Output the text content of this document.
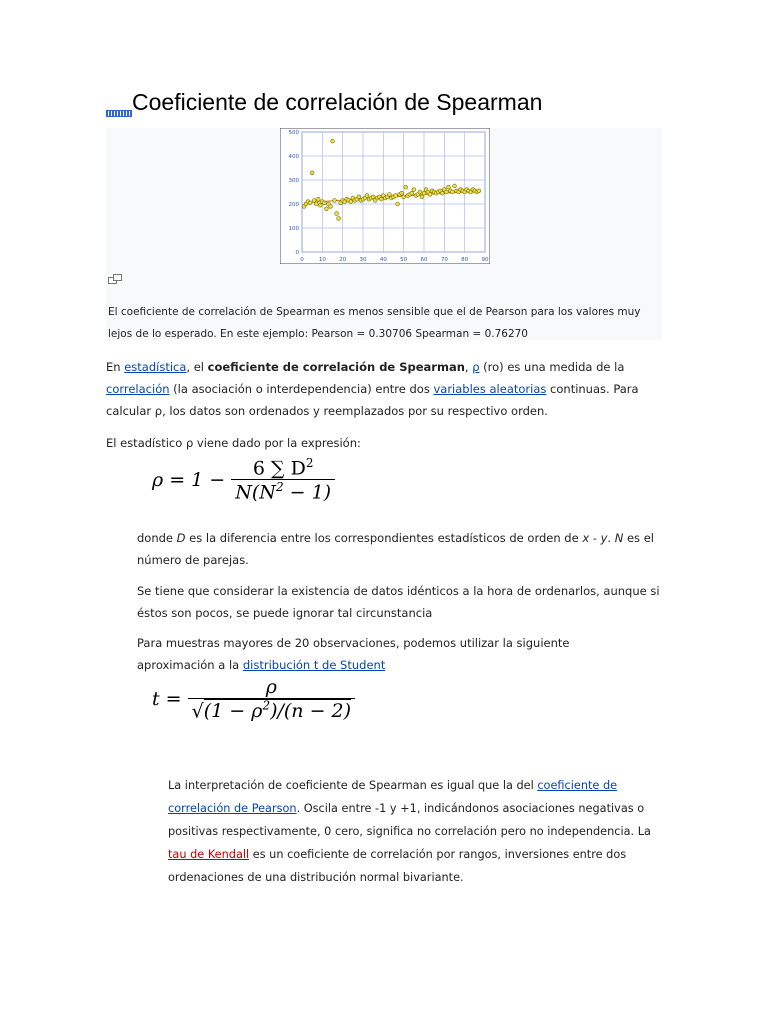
Coeficiente de correlación de Spearman
0	10 20 30 40 50 60 70 80 90
0
100
200
300
400
500
El coeficiente de correlación de Spearman es menos sensible que el de Pearson para los valores muy lejos de lo esperado. En este ejemplo: Pearson = 0.30706 Spearman = 0.76270
En estadística, el coeficiente de correlación de Spearman, ρ (ro) es una medida de la correlación (la asociación o interdependencia) entre dos variables aleatorias continuas. Para calcular ρ, los datos son ordenados y reemplazados por su respectivo orden.
El estadístico ρ viene dado por la expresión:
$\rho = 1 - \frac{6 \sum D^2}{N(N^2 - 1)}$
donde D es la diferencia entre los correspondientes estadísticos de orden de x - y. N es el número de parejas.
Se tiene que considerar la existencia de datos idénticos a la hora de ordenarlos, aunque si éstos son pocos, se puede ignorar tal circunstancia
Para muestras mayores de 20 observaciones, podemos utilizar la siguiente aproximación a la distribución t de Student
$t = \frac{\rho}{√(1 - \rho^2)/(n - 2)}$
La interpretación de coeficiente de Spearman es igual que la del coeficiente de correlación de Pearson. Oscila entre -1 y +1, indicándonos asociaciones negativas o positivas respectivamente, 0 cero, significa no correlación pero no independencia. La tau de Kendall es un coeficiente de correlación por rangos, inversiones entre dos ordenaciones de una distribución normal bivariante.
